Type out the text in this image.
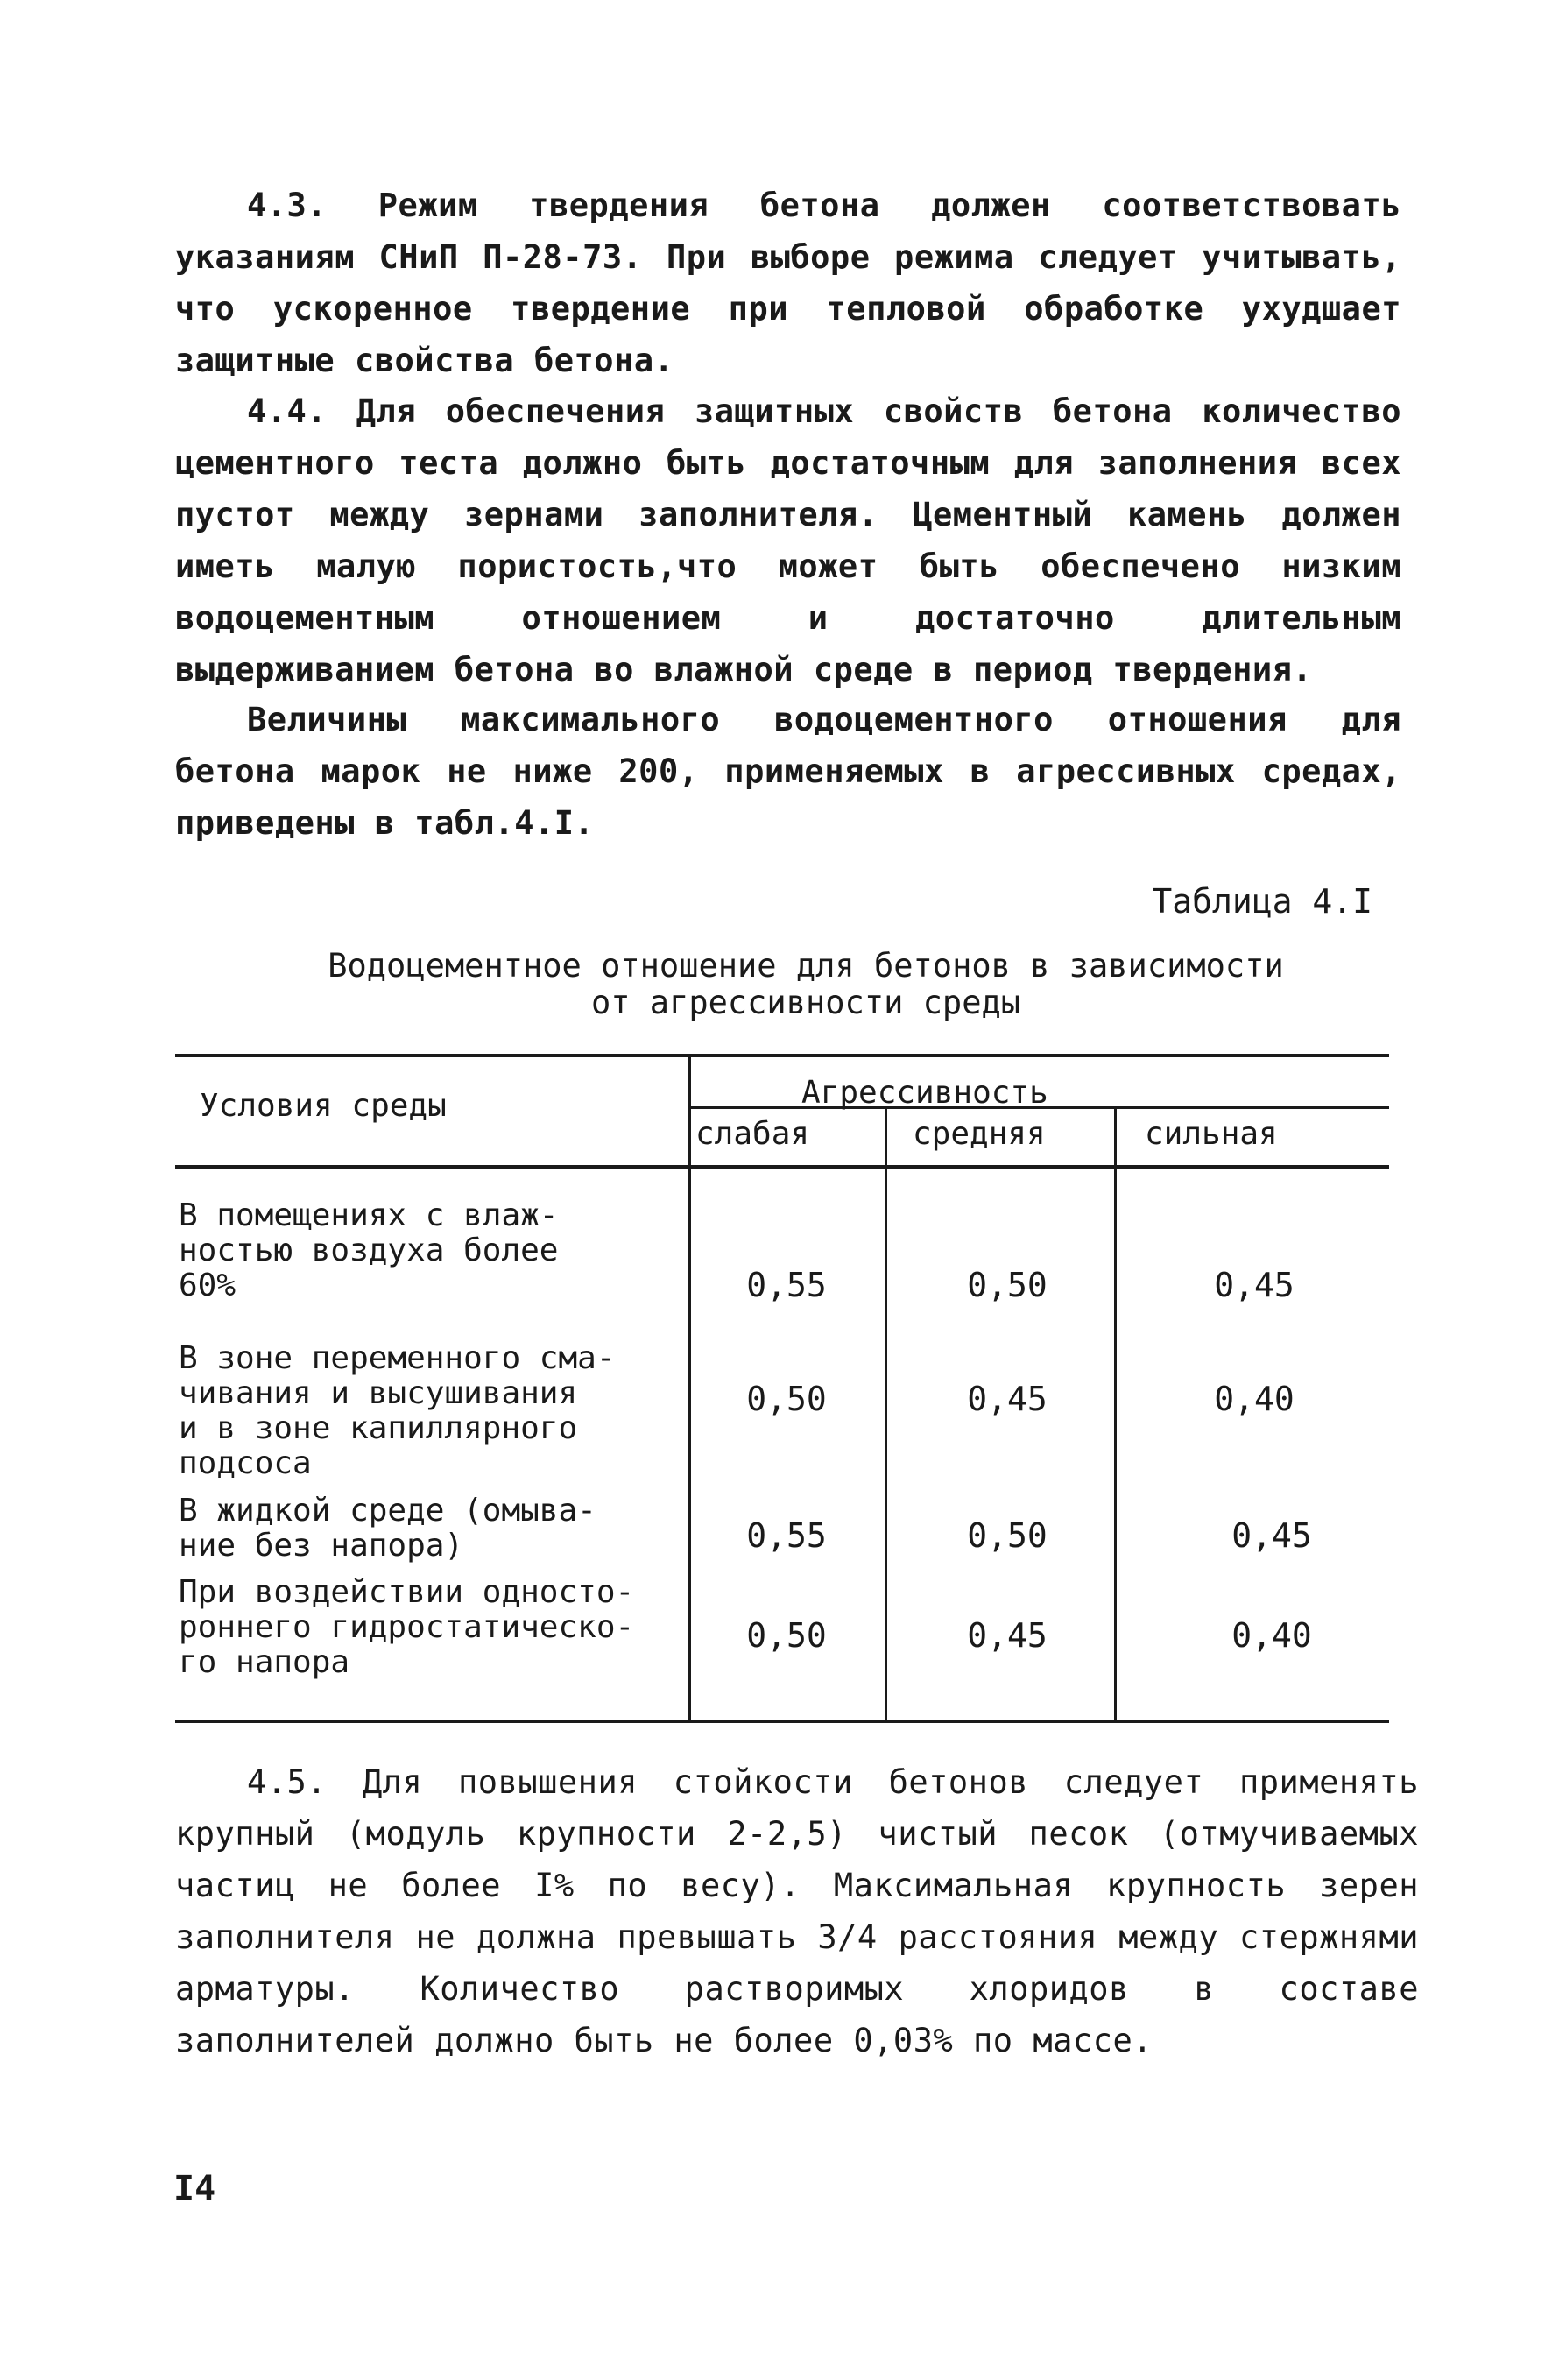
4.3. Режим твердения бетона должен соответствовать указаниям СНиП П-28-73. При выборе режима следует учитывать, что ускоренное твердение при тепловой обработке ухудшает защитные свойства бетона.

4.4. Для обеспечения защитных свойств бетона количество цементного теста должно быть достаточным для заполнения всех пустот между зернами заполнителя. Цементный камень должен иметь малую пористость,что может быть обеспечено низким водоцементным отношением и достаточно длительным выдерживанием бетона во влажной среде в период твердения.

Величины максимального водоцементного отношения для бетона марок не ниже 200, применяемых в агрессивных средах, приведены в табл.4.I.

Таблица 4.I
Водоцементное отношение для бетонов в зависимости
от агрессивности среды
Условия среды	Агрессивность
слабая	средняя	сильная
В помещениях с влаж-
ностью воздуха более
60%	0,55	0,50	0,45
В зоне переменного сма-
чивания и высушивания
и в зоне капиллярного
подсоса
0,50	0,45	0,40
В жидкой среде (омыва-
ние без напора)	0,55	0,50	0,45
При воздействии односто-
роннего гидростатическо-
го напора
0,50	0,45	0,40

4.5. Для повышения стойкости бетонов следует применять крупный (модуль крупности 2-2,5) чистый песок (отмучиваемых частиц не более I% по весу). Максимальная крупность зерен заполнителя не должна превышать 3/4 расстояния между стержнями арматуры. Количество растворимых хлоридов в составе заполнителей должно быть не более 0,03% по массе.

I4
